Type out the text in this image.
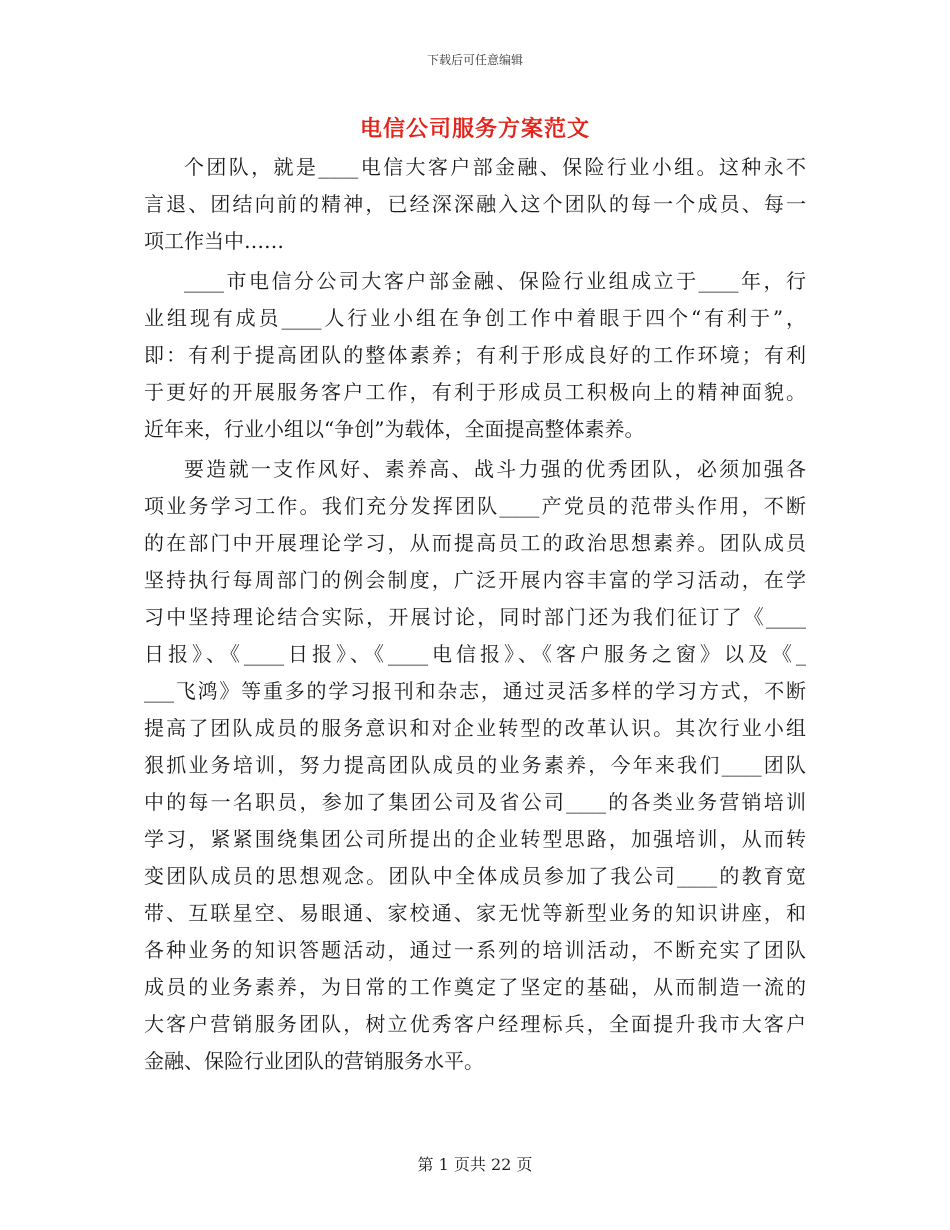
下载后可任意编辑
电信公司服务方案范文
个团队，就是____电信大客户部金融、保险行业小组。这种永不
言退、团结向前的精神，已经深深融入这个团队的每一个成员、每一
项工作当中……
____市电信分公司大客户部金融、保险行业组成立于____年，行
业组现有成员____人行业小组在争创工作中着眼于四个“有利于”，
即：有利于提高团队的整体素养；有利于形成良好的工作环境；有利
于更好的开展服务客户工作，有利于形成员工积极向上的精神面貌。
近年来，行业小组以“争创”为载体，全面提高整体素养。
要造就一支作风好、素养高、战斗力强的优秀团队，必须加强各
项业务学习工作。我们充分发挥团队____产党员的范带头作用，不断
的在部门中开展理论学习，从而提高员工的政治思想素养。团队成员
坚持执行每周部门的例会制度，广泛开展内容丰富的学习活动，在学
习中坚持理论结合实际，开展讨论，同时部门还为我们征订了《____
日报》、《____日报》、《____电信报》、《客户服务之窗》以及《_
___飞鸿》等重多的学习报刊和杂志，通过灵活多样的学习方式，不断
提高了团队成员的服务意识和对企业转型的改革认识。其次行业小组
狠抓业务培训，努力提高团队成员的业务素养，今年来我们____团队
中的每一名职员，参加了集团公司及省公司____的各类业务营销培训
学习，紧紧围绕集团公司所提出的企业转型思路，加强培训，从而转
变团队成员的思想观念。团队中全体成员参加了我公司____的教育宽
带、互联星空、易眼通、家校通、家无忧等新型业务的知识讲座，和
各种业务的知识答题活动，通过一系列的培训活动，不断充实了团队
成员的业务素养，为日常的工作奠定了坚定的基础，从而制造一流的
大客户营销服务团队，树立优秀客户经理标兵，全面提升我市大客户
金融、保险行业团队的营销服务水平。
第 1 页共 22 页
